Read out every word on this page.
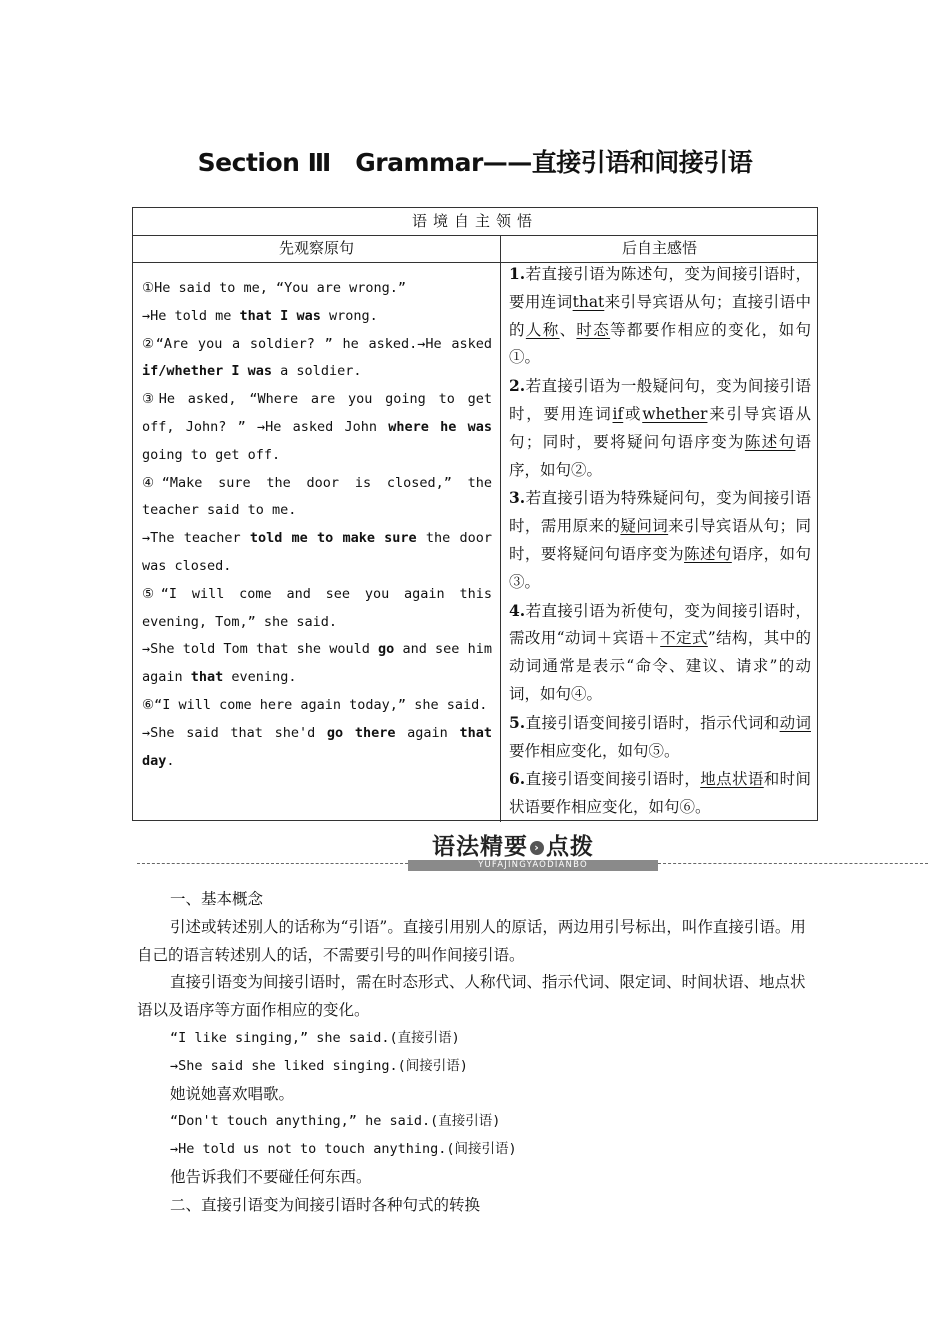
Section Ⅲ　Grammar——直接引语和间接引语
语境自主领悟
先观察原句	后自主感悟

①He said to me, “You are wrong.”

→He told me that I was wrong.

②“Are you a soldier? ” he asked.→He asked if/whether I was a soldier.

③He asked, “Where are you going to get off, John? ” →He asked John where he was going to get off.

④“Make sure the door is closed,” the teacher said to me.

→The teacher told me to make sure the door was closed.

⑤“I will come and see you again this evening, Tom,” she said.

→She told Tom that she would go and see him again that evening.

⑥“I will come here again today,” she said.

→She said that she'd go there again that day.

1.若直接引语为陈述句，变为间接引语时，要用连词that来引导宾语从句；直接引语中的人称、时态等都要作相应的变化，如句①。

2.若直接引语为一般疑问句，变为间接引语时，要用连词if或whether来引导宾语从句；同时，要将疑问句语序变为陈述句语序，如句②。

3.若直接引语为特殊疑问句，变为间接引语时，需用原来的疑问词来引导宾语从句；同时，要将疑问句语序变为陈述句语序，如句③。

4.若直接引语为祈使句，变为间接引语时，需改用“动词＋宾语＋不定式”结构，其中的动词通常是表示“命令、建议、请求”的动词，如句④。

5.直接引语变间接引语时，指示代词和动词要作相应变化，如句⑤。

6.直接引语变间接引语时，地点状语和时间状语要作相应变化，如句⑥。

语法精要 › 点拨
YUFAJINGYAODIANBO

一、基本概念

引述或转述别人的话称为“引语”。直接引用别人的原话，两边用引号标出，叫作直接引语。用自己的语言转述别人的话，不需要引号的叫作间接引语。

直接引语变为间接引语时，需在时态形式、人称代词、指示代词、限定词、时间状语、地点状语以及语序等方面作相应的变化。

“I like singing,” she said.(直接引语)

→She said she liked singing.(间接引语)

她说她喜欢唱歌。

“Don't touch anything,” he said.(直接引语)

→He told us not to touch anything.(间接引语)

他告诉我们不要碰任何东西。

二、直接引语变为间接引语时各种句式的转换
